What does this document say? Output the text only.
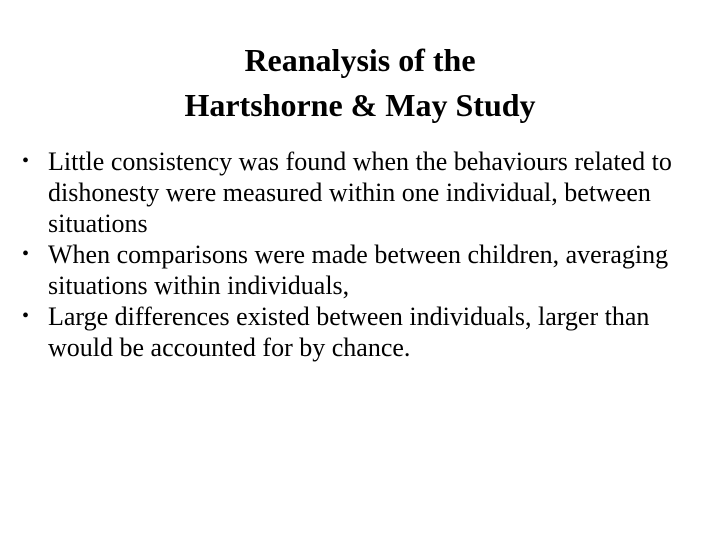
Reanalysis of the
Hartshorne & May Study
• Little consistency was found when the behaviours related to dishonesty were measured within one individual, between situations
• When comparisons were made between children, averaging situations within individuals,
• Large differences existed between individuals, larger than would be accounted for by chance.
